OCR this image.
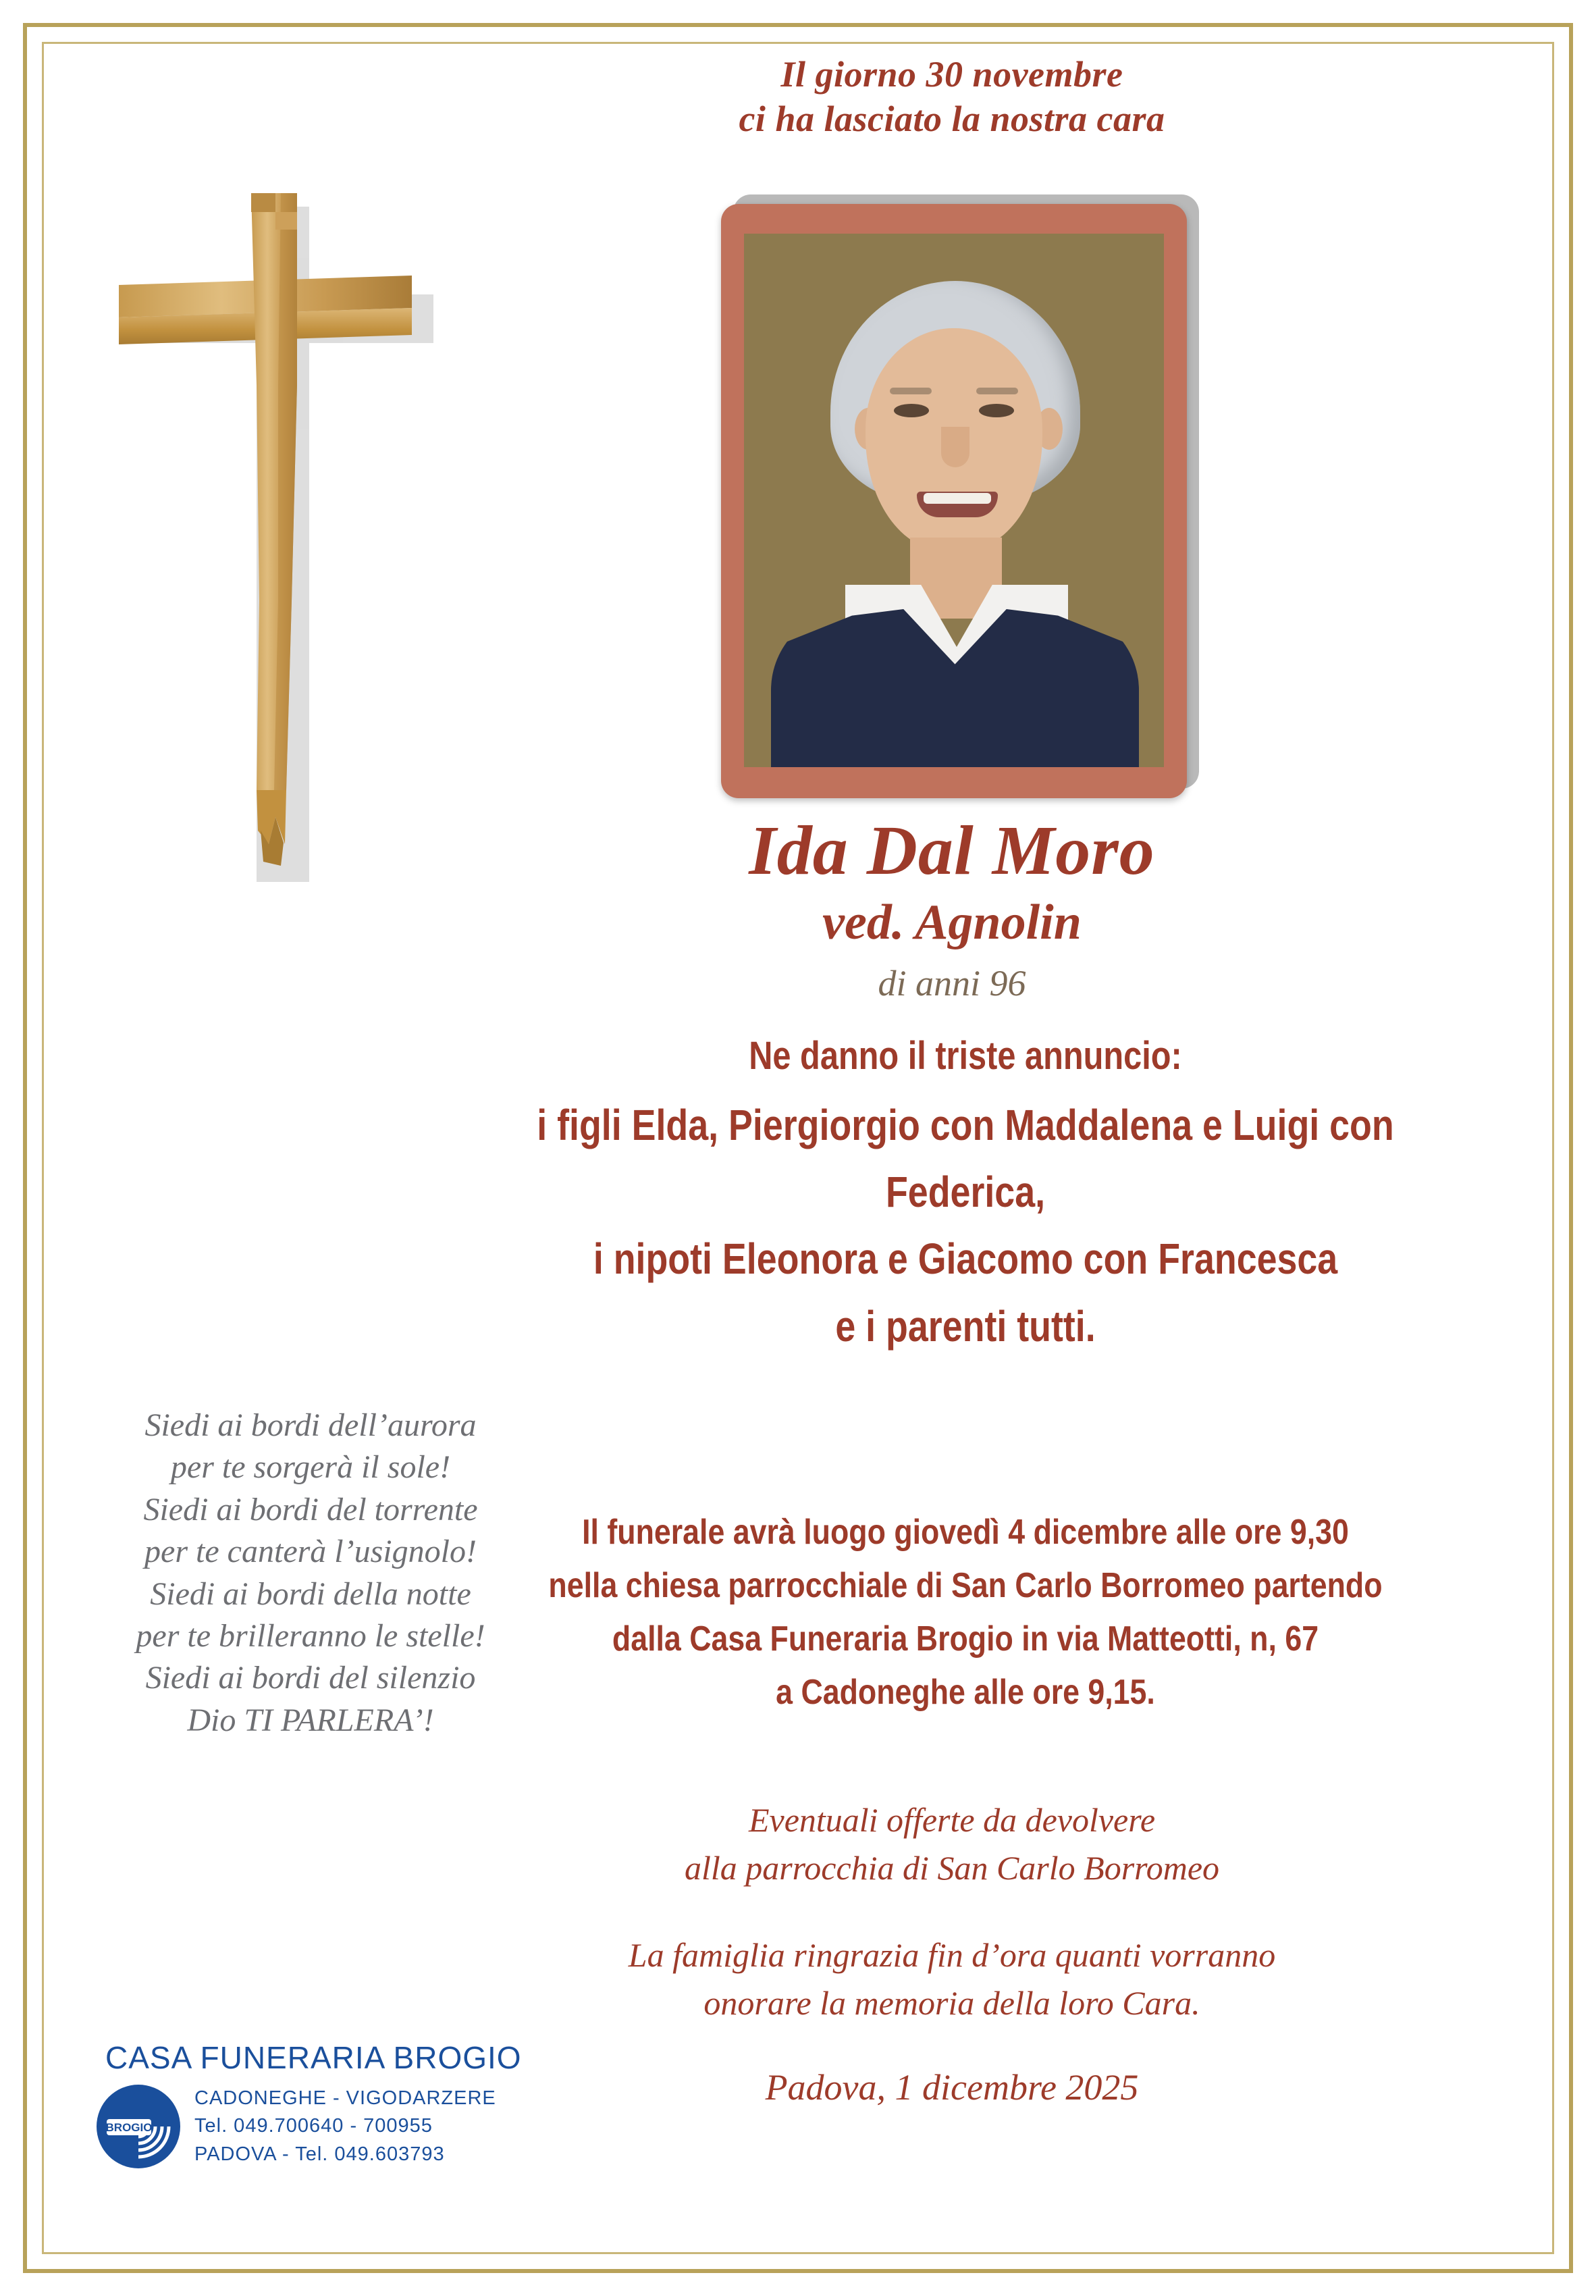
Il giorno 30 novembre
ci ha lasciato la nostra cara
Ida Dal Moro
ved. Agnolin
di anni 96
Ne danno il triste annuncio:
i figli Elda, Piergiorgio con Maddalena e Luigi con Federica,
i nipoti Eleonora e Giacomo con Francesca
e i parenti tutti.
Il funerale avrà luogo giovedì 4 dicembre alle ore 9,30
nella chiesa parrocchiale di San Carlo Borromeo partendo
dalla Casa Funeraria Brogio in via Matteotti, n, 67
a Cadoneghe alle ore 9,15.
Eventuali offerte da devolvere
alla parrocchia di San Carlo Borromeo
La famiglia ringrazia fin d’ora quanti vorranno
onorare la memoria della loro Cara.
Padova, 1 dicembre 2025
Siedi ai bordi dell’aurora
per te sorgerà il sole!
Siedi ai bordi del torrente
per te canterà l’usignolo!
Siedi ai bordi della notte
per te brilleranno le stelle!
Siedi ai bordi del silenzio
Dio TI PARLERA’!
CASA FUNERARIA BROGIO
BROGIO
CADONEGHE - VIGODARZERE
Tel. 049.700640 - 700955
PADOVA - Tel. 049.603793
